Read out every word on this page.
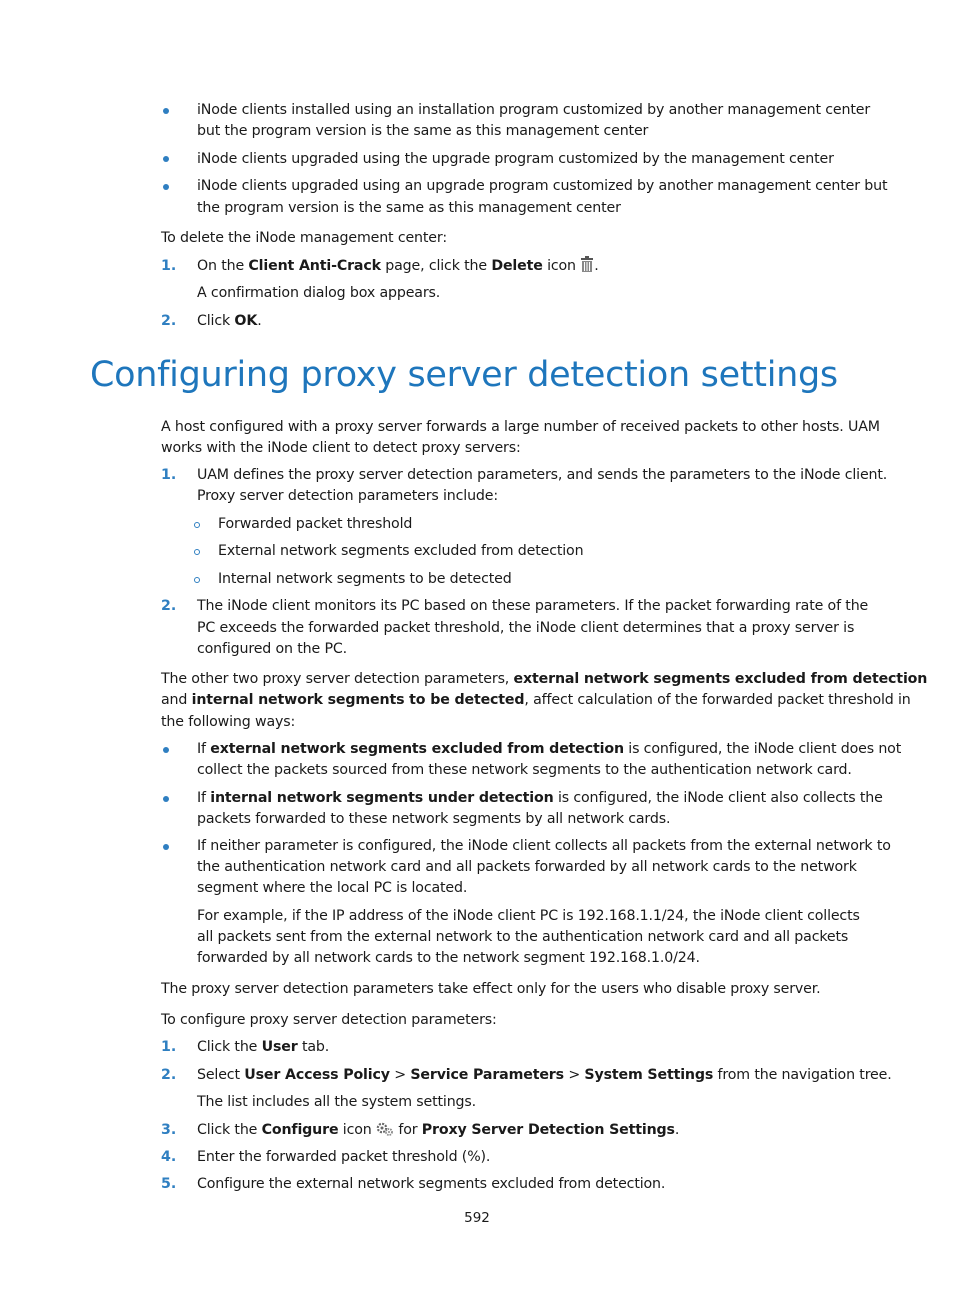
iNode clients installed using an installation program customized by another management center
but the program version is the same as this management center
iNode clients upgraded using the upgrade program customized by the management center
iNode clients upgraded using an upgrade program customized by another management center but
the program version is the same as this management center
To delete the iNode management center:
1. On the Client Anti-Crack page, click the Delete icon .
A confirmation dialog box appears.
2. Click OK.
Configuring proxy server detection settings
A host configured with a proxy server forwards a large number of received packets to other hosts. UAM
works with the iNode client to detect proxy servers:
1. UAM defines the proxy server detection parameters, and sends the parameters to the iNode client.
Proxy server detection parameters include:
Forwarded packet threshold
External network segments excluded from detection
Internal network segments to be detected
2. The iNode client monitors its PC based on these parameters. If the packet forwarding rate of the
PC exceeds the forwarded packet threshold, the iNode client determines that a proxy server is
configured on the PC.
The other two proxy server detection parameters, external network segments excluded from detection
and internal network segments to be detected, affect calculation of the forwarded packet threshold in
the following ways:
If external network segments excluded from detection is configured, the iNode client does not
collect the packets sourced from these network segments to the authentication network card.
If internal network segments under detection is configured, the iNode client also collects the
packets forwarded to these network segments by all network cards.
If neither parameter is configured, the iNode client collects all packets from the external network to
the authentication network card and all packets forwarded by all network cards to the network
segment where the local PC is located.
For example, if the IP address of the iNode client PC is 192.168.1.1/24, the iNode client collects
all packets sent from the external network to the authentication network card and all packets
forwarded by all network cards to the network segment 192.168.1.0/24.
The proxy server detection parameters take effect only for the users who disable proxy server.
To configure proxy server detection parameters:
1. Click the User tab.
2. Select User Access Policy > Service Parameters > System Settings from the navigation tree.
The list includes all the system settings.
3. Click the Configure icon  for Proxy Server Detection Settings.
4. Enter the forwarded packet threshold (%).
5. Configure the external network segments excluded from detection.
592
